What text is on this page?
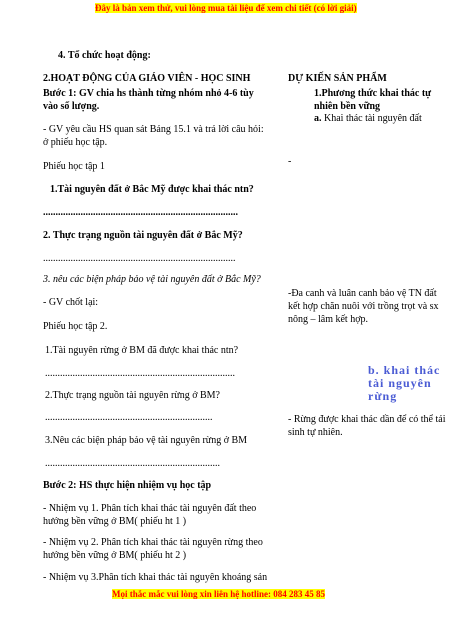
Đây là bản xem thử, vui lòng mua tài liệu để xem chi tiết (có lời giải)
4. Tổ chức hoạt động:
2.HOẠT ĐỘNG CỦA GIÁO VIÊN - HỌC SINH
Bước 1: GV chia hs thành từng nhóm nhỏ 4-6 tùy
vào số lượng.
- GV yêu cầu HS quan sát Bảng 15.1 và trả lời câu hỏi:
ở phiếu học tập.
Phiếu học tập 1
1.Tài nguyên đất ở Bắc Mỹ được khai thác ntn?
..............................................................................
2. Thực trạng nguồn tài nguyên đất ở Bắc Mỹ?
.............................................................................
3. nêu các biện pháp bảo vệ tài nguyên đất ở Bắc Mỹ?
- GV chốt lại:
Phiếu học tập 2.
1.Tài nguyên rừng ở BM đã được khai thác ntn?
............................................................................
2.Thực trạng nguồn tài nguyên rừng ở BM?
...................................................................
3.Nêu các biện pháp bảo vệ tài nguyên rừng ở BM
......................................................................
Bước 2: HS thực hiện nhiệm vụ học tập
- Nhiệm vụ 1. Phân tích khai thác tài nguyên đất theo
hướng bền vững ở BM( phiếu ht 1 )
- Nhiệm vụ 2. Phân tích khai thác tài nguyên rừng theo
hướng bền vững ở BM( phiếu ht 2 )
- Nhiệm vụ 3.Phân tích khai thác tài nguyên khoáng sản
DỰ KIẾN SẢN PHẨM
1.Phương thức khai thác tự
nhiên bền vững
a. Khai thác tài nguyên đất
-
-Đa canh và luân canh bảo vệ TN đất
kết hợp chăn nuôi với trồng trọt và sx
nông – lâm kết hợp.
b. khai thác
tài nguyên
rừng
- Rừng được khai thác dần để có thể tái
sinh tự nhiên.
Mọi thắc mắc vui lòng xin liên hệ hotline: 084 283 45 85
